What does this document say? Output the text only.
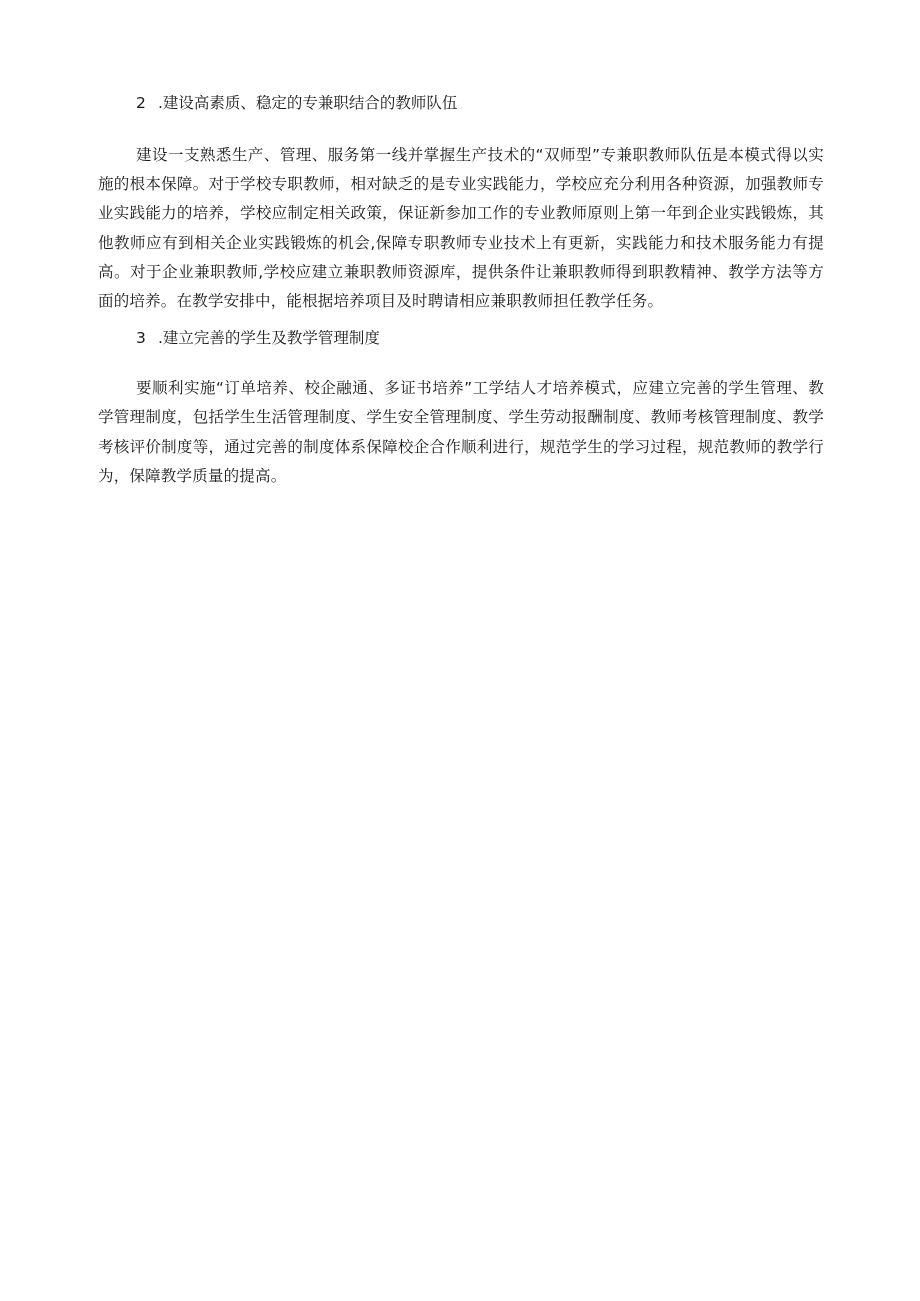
2 .建设高素质、稳定的专兼职结合的教师队伍

建设一支熟悉生产、管理、服务第一线并掌握生产技术的“双师型”专兼职教师队伍是本模式得以实施的根本保障。对于学校专职教师，相对缺乏的是专业实践能力，学校应充分利用各种资源，加强教师专业实践能力的培养，学校应制定相关政策，保证新参加工作的专业教师原则上第一年到企业实践锻炼，其他教师应有到相关企业实践锻炼的机会,保障专职教师专业技术上有更新，实践能力和技术服务能力有提高。对于企业兼职教师,学校应建立兼职教师资源库，提供条件让兼职教师得到职教精神、教学方法等方面的培养。在教学安排中，能根据培养项目及时聘请相应兼职教师担任教学任务。

3 .建立完善的学生及教学管理制度

要顺利实施“订单培养、校企融通、多证书培养”工学结人才培养模式，应建立完善的学生管理、教学管理制度，包括学生生活管理制度、学生安全管理制度、学生劳动报酬制度、教师考核管理制度、教学考核评价制度等，通过完善的制度体系保障校企合作顺利进行，规范学生的学习过程，规范教师的教学行为，保障教学质量的提高。
